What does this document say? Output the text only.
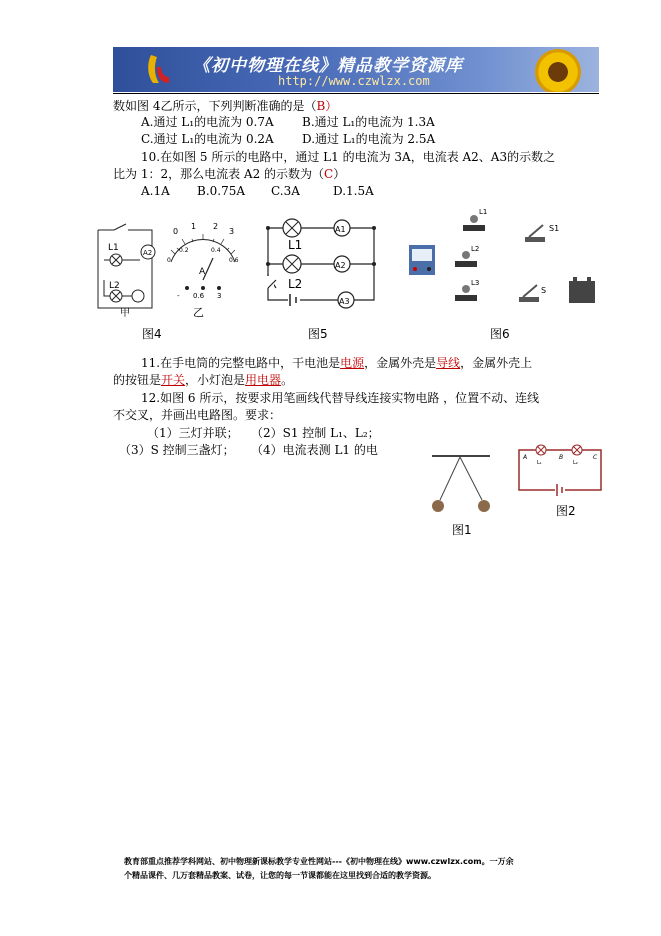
《初中物理在线》精品教学资源库
http://www.czwlzx.com
数如图 4乙所示，下列判断准确的是（B）
A.通过 L₁的电流为 0.7A B.通过 L₁的电流为 1.3A
C.通过 L₁的电流为 0.2A D.通过 L₁的电流为 2.5A
10.在如图 5 所示的电路中，通过 L1 的电流为 3A，电流表 A2、A3的示数之
比为 1：2，那么电流表 A2 的示数为（C）
A.1A B.0.75A C.3A	D.1.5A
A2
L1
L2
甲
0
1 2
3
0
0.2	0.4
0.6
A
- 0.6 3
乙
A1
A2
A3
L1
L2
L1
L2
L3
S1
S
图4	图5	图6
11.在手电筒的完整电路中，干电池是电源，金属外壳是导线，金属外壳上
的按钮是开关，小灯泡是用电器。
12.如图 6 所示，按要求用笔画线代替导线连接实物电路 ，位置不动、连线
不交叉，并画出电路图。要求：
（1）三灯并联； （2）S1 控制 L₁、L₂；
（3）S 控制三盏灯； （4）电流表测 L1 的电
图1
A	B	C
L₁	L₂
图2
教育部重点推荐学科网站、初中物理新课标教学专业性网站---《初中物理在线》www.czwlzx.com。一万余
个精品课件、几万套精品教案、试卷，让您的每一节课都能在这里找到合适的教学资源。
